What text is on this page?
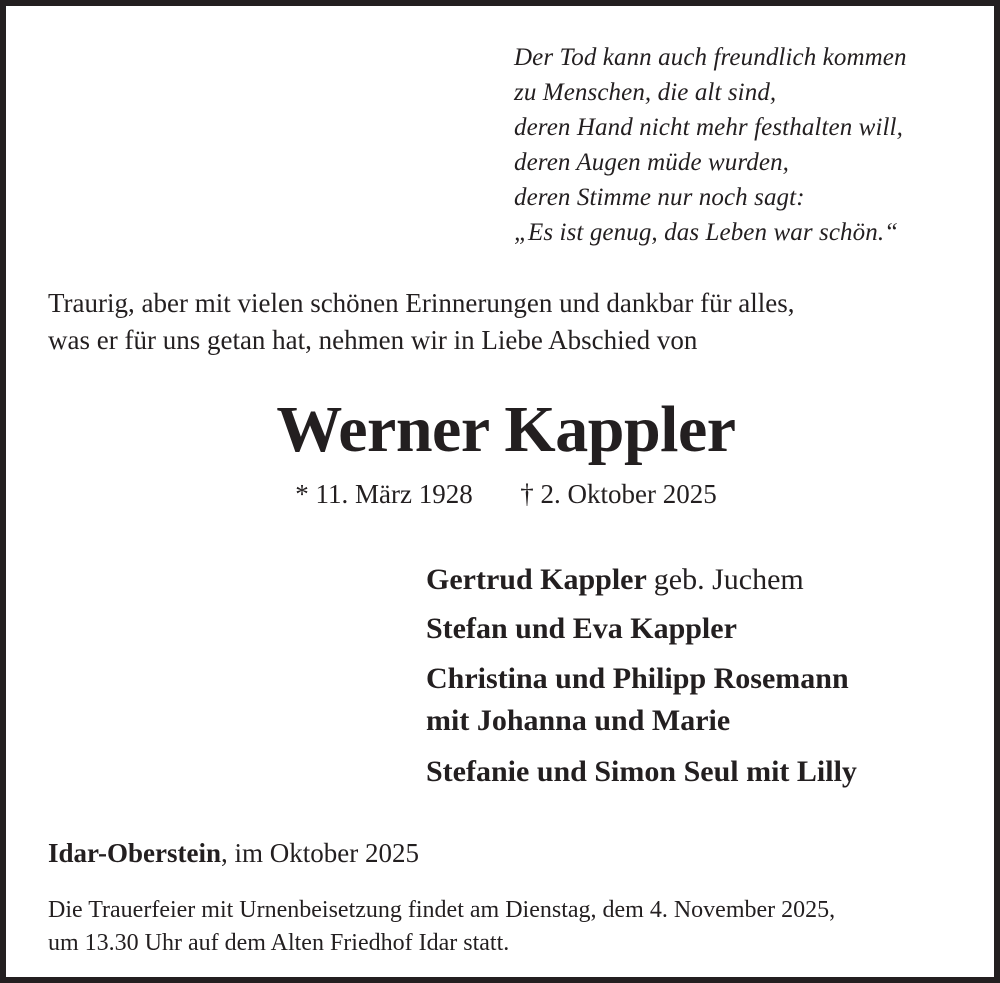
Der Tod kann auch freundlich kommen
zu Menschen, die alt sind,
deren Hand nicht mehr festhalten will,
deren Augen müde wurden,
deren Stimme nur noch sagt:
„Es ist genug, das Leben war schön.“
Traurig, aber mit vielen schönen Erinnerungen und dankbar für alles,
was er für uns getan hat, nehmen wir in Liebe Abschied von
Werner Kappler
* 11. März 1928 † 2. Oktober 2025
Gertrud Kappler geb. Juchem
Stefan und Eva Kappler
Christina und Philipp Rosemann
mit Johanna und Marie
Stefanie und Simon Seul mit Lilly
Idar-Oberstein, im Oktober 2025
Die Trauerfeier mit Urnenbeisetzung findet am Dienstag, dem 4. November 2025,
um 13.30 Uhr auf dem Alten Friedhof Idar statt.
